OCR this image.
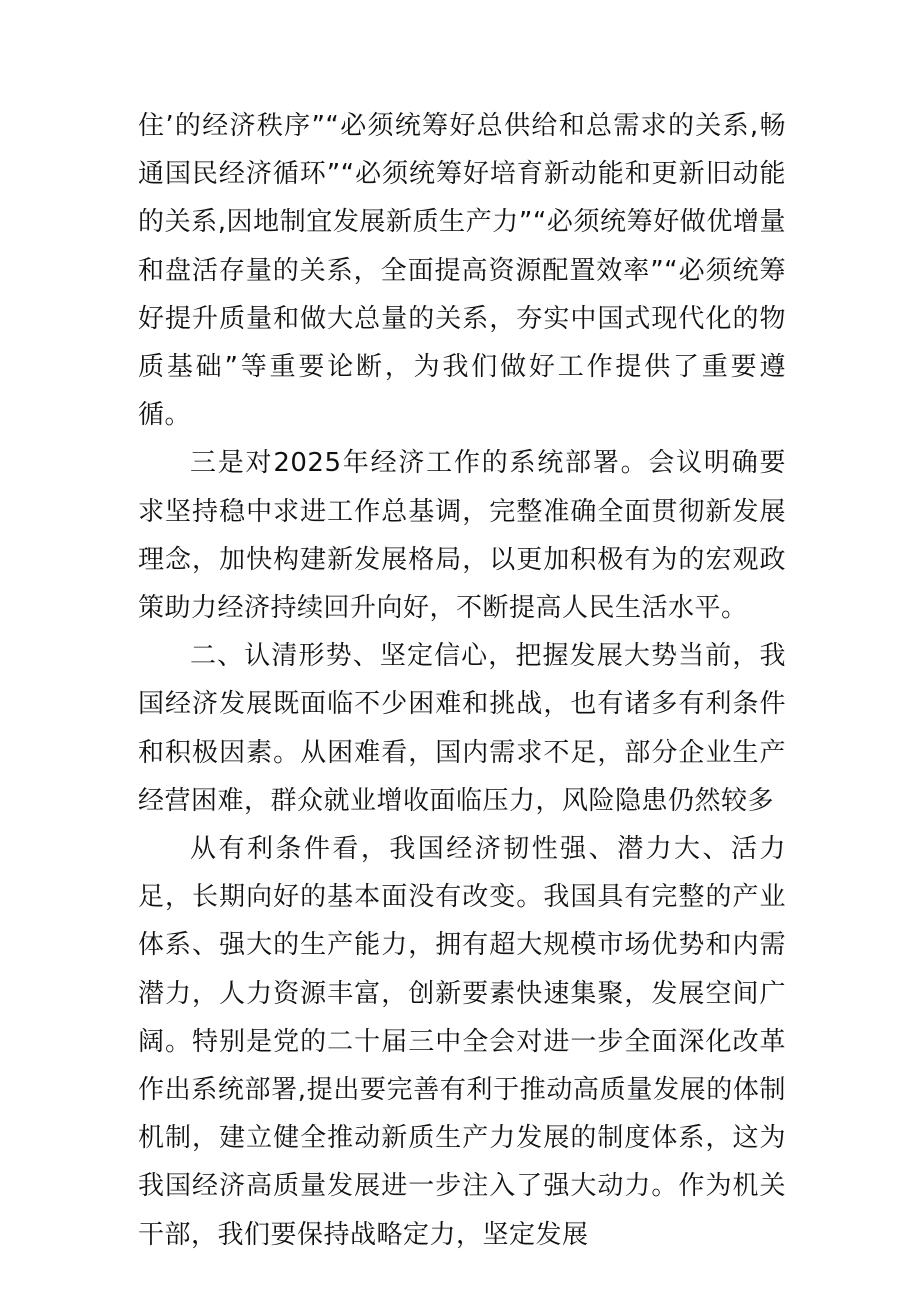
住’的经济秩序”“必须统筹好总供给和总需求的关系,畅通国民经济循环”“必须统筹好培育新动能和更新旧动能的关系,因地制宜发展新质生产力”“必须统筹好做优增量和盘活存量的关系，全面提高资源配置效率”“必须统筹好提升质量和做大总量的关系，夯实中国式现代化的物质基础”等重要论断，为我们做好工作提供了重要遵循。

三是对2025年经济工作的系统部署。会议明确要求坚持稳中求进工作总基调，完整准确全面贯彻新发展理念，加快构建新发展格局，以更加积极有为的宏观政策助力经济持续回升向好，不断提高人民生活水平。

二、认清形势、坚定信心，把握发展大势当前，我国经济发展既面临不少困难和挑战，也有诸多有利条件和积极因素。从困难看，国内需求不足，部分企业生产经营困难，群众就业增收面临压力，风险隐患仍然较多

从有利条件看，我国经济韧性强、潜力大、活力足，长期向好的基本面没有改变。我国具有完整的产业体系、强大的生产能力，拥有超大规模市场优势和内需潜力，人力资源丰富，创新要素快速集聚，发展空间广阔。特别是党的二十届三中全会对进一步全面深化改革作出系统部署,提出要完善有利于推动高质量发展的体制机制，建立健全推动新质生产力发展的制度体系，这为我国经济高质量发展进一步注入了强大动力。作为机关干部，我们要保持战略定力，坚定发展
